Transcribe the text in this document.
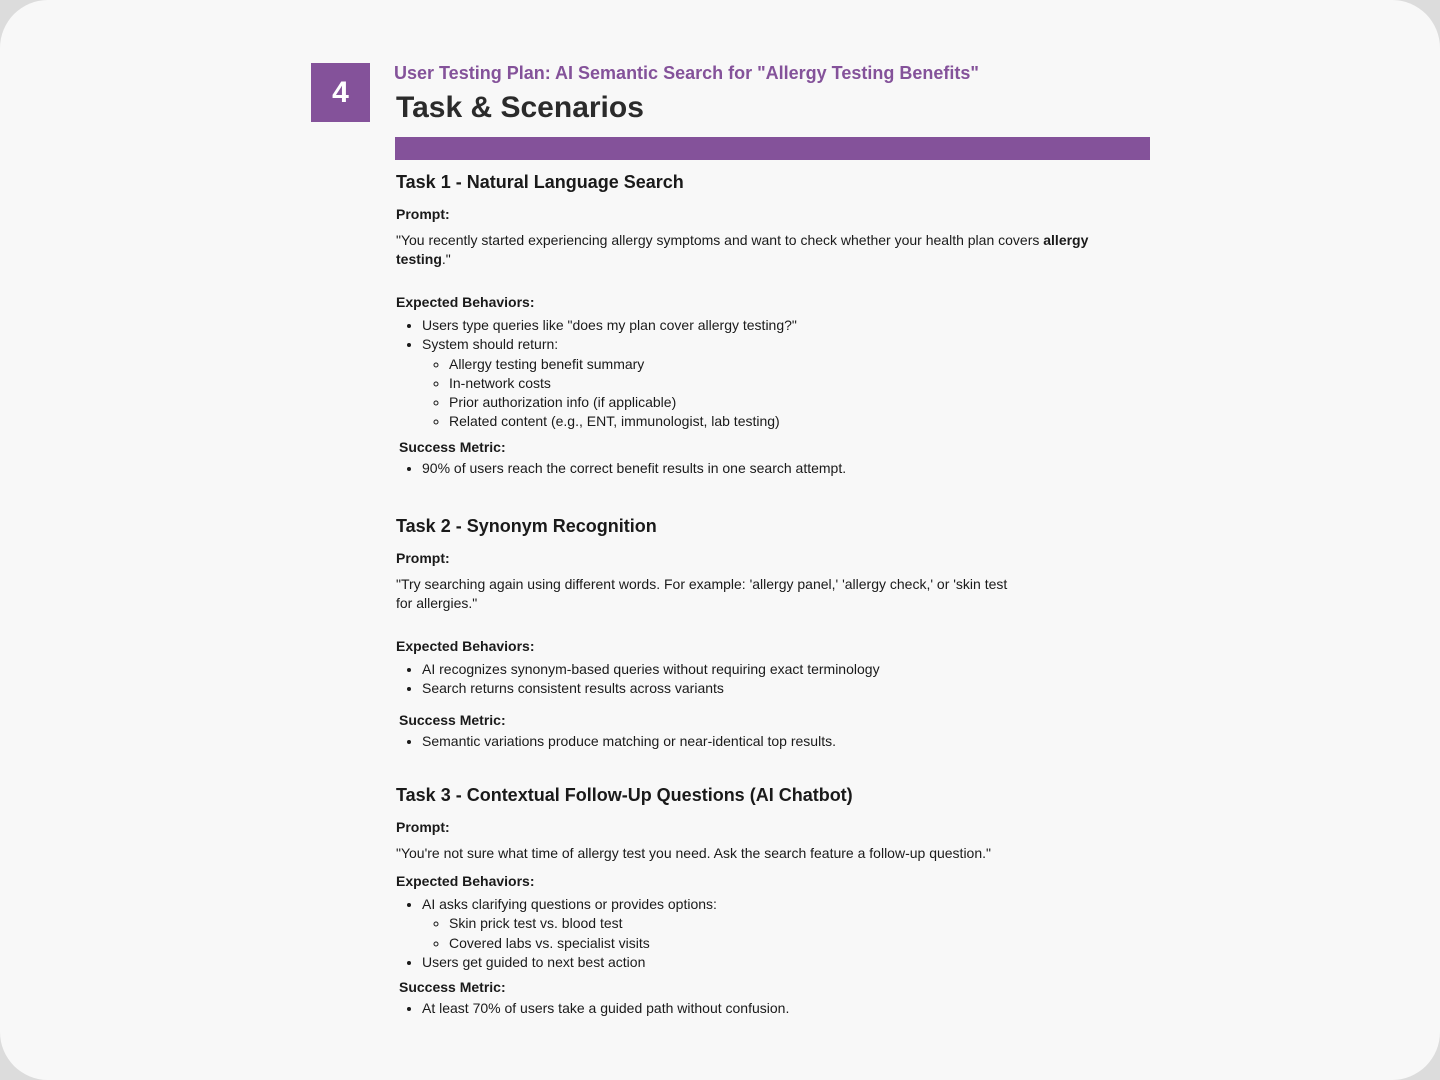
4
User Testing Plan: AI Semantic Search for "Allergy Testing Benefits"
Task & Scenarios

Task 1 - Natural Language Search

Prompt:

"You recently started experiencing allergy symptoms and want to check whether your health plan covers allergy testing."

Expected Behaviors:

• Users type queries like "does my plan cover allergy testing?"
• System should return:
◦ Allergy testing benefit summary
◦ In-network costs
◦ Prior authorization info (if applicable)
◦ Related content (e.g., ENT, immunologist, lab testing)

Success Metric:

• 90% of users reach the correct benefit results in one search attempt.

Task 2 - Synonym Recognition

Prompt:

"Try searching again using different words. For example: 'allergy panel,' 'allergy check,' or 'skin test

for allergies."

Expected Behaviors:

• AI recognizes synonym-based queries without requiring exact terminology
• Search returns consistent results across variants

Success Metric:

• Semantic variations produce matching or near-identical top results.

Task 3 - Contextual Follow-Up Questions (AI Chatbot)

Prompt:

"You're not sure what time of allergy test you need. Ask the search feature a follow-up question."

Expected Behaviors:

• AI asks clarifying questions or provides options:
◦ Skin prick test vs. blood test
◦ Covered labs vs. specialist visits
• Users get guided to next best action

Success Metric:

• At least 70% of users take a guided path without confusion.
